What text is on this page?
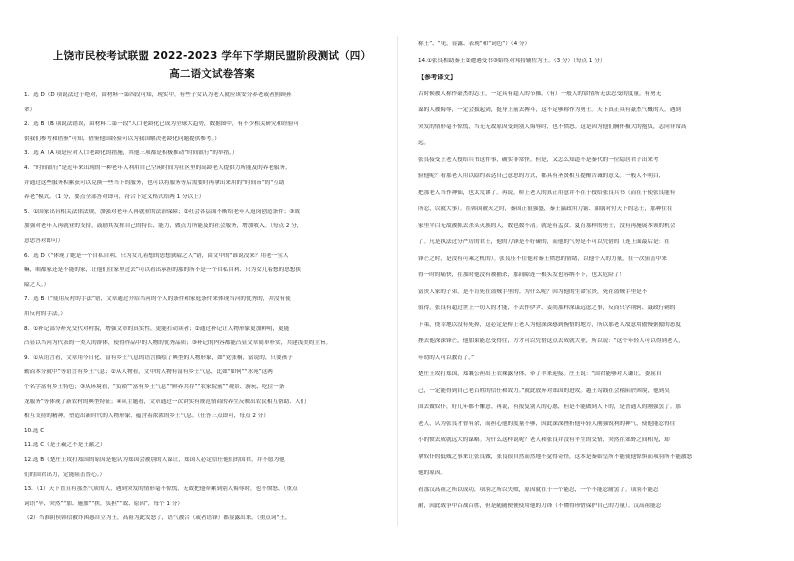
上饶市民校考试联盟 2022-2023 学年下学期民盟阶段测试（四）
高二语文试卷答案
1．选 D（D 项说法过于绝对，由材料一第四段可知，现实中，有些子女认为老人就应该安分养老或者照顾孙
辈）
2．选 B（B 项说法错误，由材料二第一段“人口老龄化已成为全球大趋势，数据图中，有不少相关研究和经验可
供我们参考和借鉴”可知，借鉴他国经验可以为我国解决老龄化问题提供参考。）
3．选 A（A 项是应对人口老龄化的措施，其他三项都是积极推动“时间银行”的举措。）
4．“时间银行”是近年来出现的一种老年人利用自己空闲时间为社区里的高龄老人提供力所能及的养老服务，
并通过这些服务积累获可以兑换一些当下的服务，也可以将服务等后需要时再拿出来用的“时间币”的“互助
养老”模式。（1 分，要点全部答对即可，符合下定义格式给两 1 分以上）
5．①国家出台相关法律法规，加强对老年人再就业的法治保障；②社会各层面不断给老年人返岗创造条件；③战
加强对老年人再就业的支持，鼓励其发挥自己的特长、能力，做点力所能及的社会服务，增加收入。（每点 2 分，
意思答对即可）
6．选 D（“体现了她是一个自私自利、只为女儿着想的思想狭隘之人”错，由文中的“谁说没来？用老一宝人
嘛，咱都家还是不能的家，让他们住家里过去”可以看出承担的那的所不是一个自私自利、只为女儿着想的思想狭
隘之人。）
7．选 B（“使用反衬的手法”错，文章通过介绍当河的个人的条件和家庭条件来体现当河的优秀的，并没有使
用反衬的手法。）
8．①补记部分补充交代对村貌，增强文章的真实性，更能打动读者；②通过补记让人物形象更加鲜明，更能
凸显以当河为代表的一类人的群体，使得作品中的人物的优秀品质；③补记的内容都能凸显文章简单朴实，共建浅美的主旨。
9．①从语言看，文章用今日化、富有乡土气息的语言描绘了典型的人物形象，如“党张桐，富说的，只要孩子
勤而本分就中”等语言有乡土气息；②从人物看，文中的人物有富有乡土气息，比如“如何”“水苑”这两
个名字富有乡土特色；③从环境看，“负锁”“富有乡土气息”“鲜养共存”“农家院前”“观景、游玩、吃住一条
龙服务”等体现了新农村的典型特征；④从主题看，文章通过一次讲实有规范情商的养生反映出农民相互帮助、人们
相互支持的精神，塑造出新时代的人物形象，蕴含着浓浓的乡土气息。（任答三点即可，每点 2 分）
10.选 C
11.选 C（是王羲之不是王献之）
12.选 B（楚庄王攻打郑国的原因是他认为郑国会被别的人谋让，郑国人必定信任他们的国君，并不愿为他
们的国君出力，定能阻击晋心。）
13．（1）天下直且有那杰气质的人，遇到突发的情形毫不惊慌，无故把他牵累到别人侮辱时，也不愤怒。（重点
词语“卒、突然”“加、施加”“挟，负担”“故、原因”，每个 1 分）
（2）当淮阴侯韩信被诈困惑自立为王，高祖为此发怒了，语气被合（或者语锋）都显露出来。（重点词“王，
称王”、“见，显露、表现”和“词色”）（4 分）
14.①张良相助秦王②遭遇受书③始终对邦持辅佐为王。（3 分）（每点 1 分）
【参考译文】
古时候被人称作豪杰的志士，一定具有超人的节操，（有）一般人的常情所无法忍受的度量。有勇无
谋的人被侮辱，一定会拔起剑，挺身上前去搏斗，这不足够称作为勇士。天下真正具有豪杰气概的人，遇到
突发的情形毫不惊慌，当无无故原因受到别人侮辱时，也不愤怒。这是因为他们胸怀极大的抱负，志向非常高
远。
张良接受上老人授给兵书这件事，确实非常怪。但是，又怎么知道不是秦代的一位隐居君子出来考
验他呢？看那老人用以隐约表达自己意思的方式，都具有圣贤相互提醒告诫的意义。一般人不明白，
把那老人当作神仙，也太荒谬了。再说，桥上老人的真正用意并不在于授给张良兵书（而在于使张良能有
所忍，以就大事）。在韩国被灭之时，秦国正很强盛，秦王嬴政用刀锯、油锅对付天下的志士，那种住在
家里平白无故被抓去杀头灭族的人，数也数不清。就是有孟贲、夏育那样的勇士，没有再施展本领的机会
了。凡是执法过分严厉的君王，他的刀锋是不好碰的，而他的气势是不可以凭借的（连上面最后是：在
锋芒之时，是没有可乘之机的）。张良压不住他对秦王愤怒的情绪，以他个人的力量，在一次狙击中来
得一时的痛快，在那时他没有被捕杀，那间隙连一根头发也容纳不下，也太危险了！
富贵人家的子弟，是不肯死在盗贼手里的。为什么呢？因为他的生命宝贵，死在盗贼手里是不
值得。张良有超过世上一切人的才能，不去作伊尹、姜尚那样深谋远虑之事，反而只学荆轲、聂政行刺的
下策，侥幸地以没有死掉，这必定是桥上老人为他深深感到惋惜的地方，所以那老人故意用傲慢倨傲的态度
挫去他深深锋芒，他加果能忍受得住，方才可以凭借这点去成就大业，所以说：“这个年轻人可以得到老人，
年幼的人可以教育了。”
楚庄王攻打郑国，郑襄公袒出上衣裸露身体，牵了羊来迎接。庄王说：“国君能够对人谦让，委屈自
己，一定能得到自己老百姓的信任和效力。”就此放弃对郑国的进攻。越王勾践在会稽陷於困境，他到吴
国去做奴仆，好几年都不懈意。再说，有报复别人的心愿，但是不能做到人下的，是普通人的刚强罢了。那
老人，认为张良才智有余，而担心他的度量不够，因此深深挫折他年轻人刚强锐利的神气，使他能忍得住
小的愤去成就远大的谋略。为什么这样说呢？老人和张良并没有平生的交情，突然在郊野之间相见，却
拿奴仆的低贱之事来让张良做，张良很自然而然地不觉得奇怪，这本是秦始皇所不能使他惊惧而项羽所不能激怒
他的原因。
看那汉高祖之所以成功，项羽之所以失败，原因就在于一个能忍，一个不能忍耐罢了。项羽不能忍
耐，因此战争中百战百胜，但是随随便便使用他的刀锋（不懂得珍惜保护自己的力量）。汉高祖能忍
